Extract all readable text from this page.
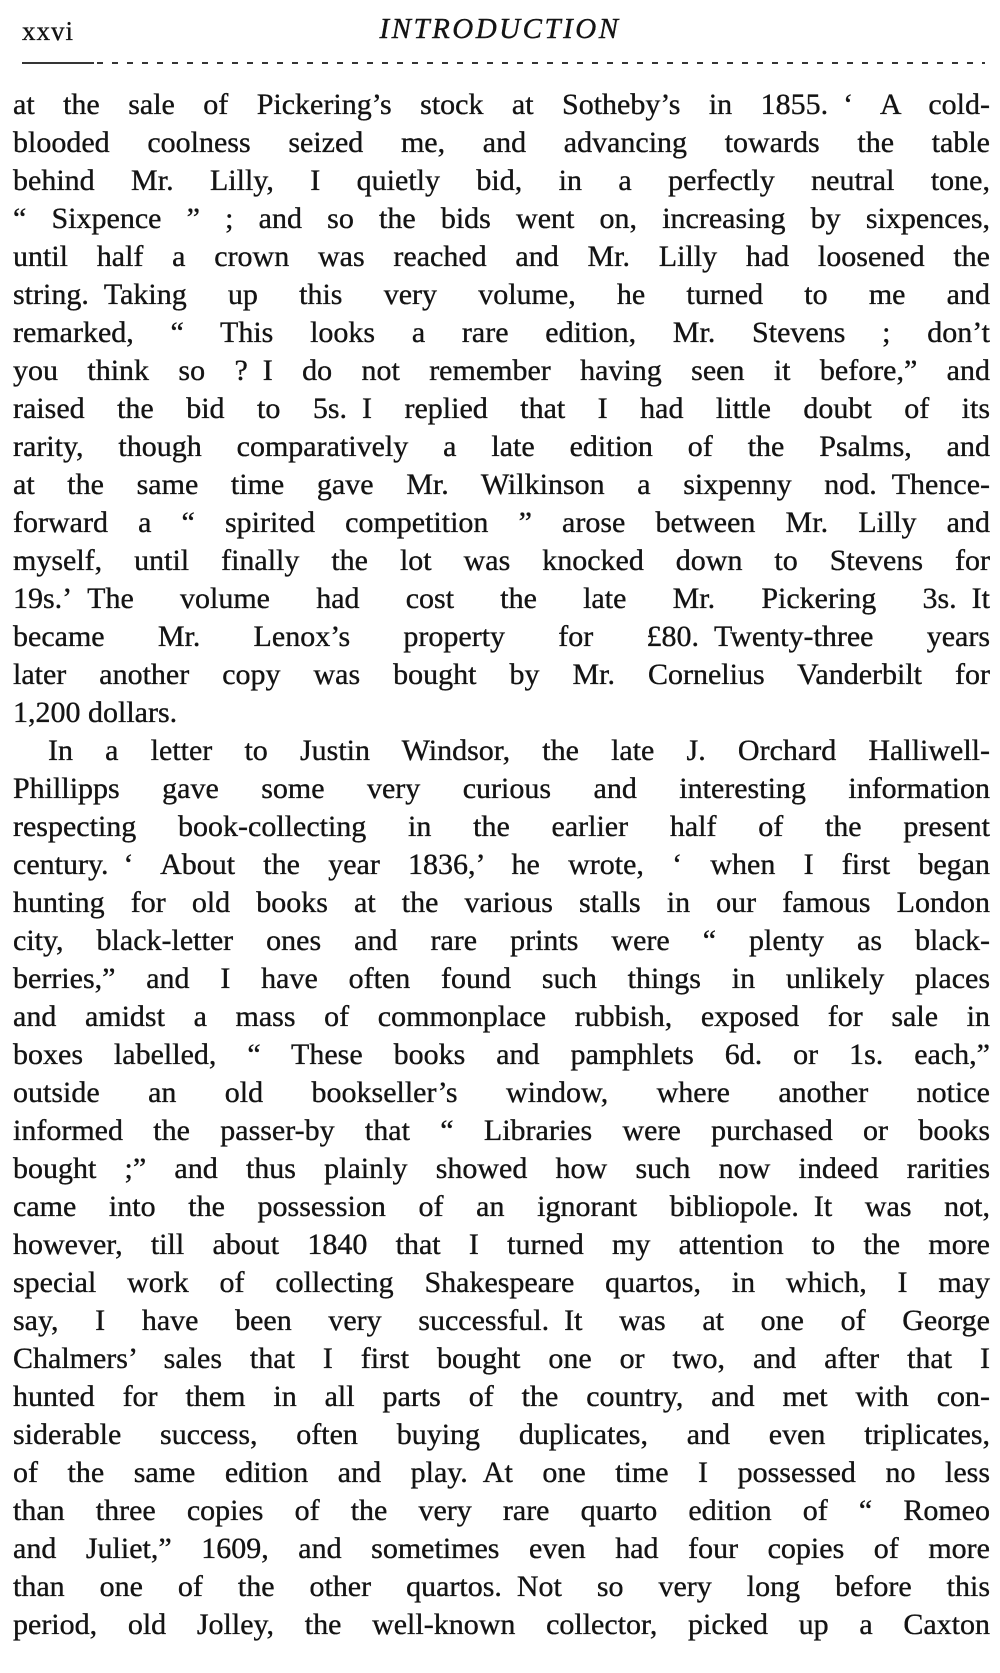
xxvi	INTRODUCTION
at the sale of Pickering’s stock at Sotheby’s in 1855. ‘ A cold-
blooded coolness seized me, and advancing towards the table
behind Mr. Lilly, I quietly bid, in a perfectly neutral tone,
“ Sixpence ” ; and so the bids went on, increasing by sixpences,
until half a crown was reached and Mr. Lilly had loosened the
string. Taking up this very volume, he turned to me and
remarked, “ This looks a rare edition, Mr. Stevens ; don’t
you think so ? I do not remember having seen it before,” and
raised the bid to 5s. I replied that I had little doubt of its
rarity, though comparatively a late edition of the Psalms, and
at the same time gave Mr. Wilkinson a sixpenny nod. Thence-
forward a “ spirited competition ” arose between Mr. Lilly and
myself, until finally the lot was knocked down to Stevens for
19s.’ The volume had cost the late Mr. Pickering 3s. It
became Mr. Lenox’s property for £80. Twenty-three years
later another copy was bought by Mr. Cornelius Vanderbilt for
1,200 dollars.
In a letter to Justin Windsor, the late J. Orchard Halliwell-
Phillipps gave some very curious and interesting information
respecting book-collecting in the earlier half of the present
century. ‘ About the year 1836,’ he wrote, ‘ when I first began
hunting for old books at the various stalls in our famous London
city, black-letter ones and rare prints were “ plenty as black-
berries,” and I have often found such things in unlikely places
and amidst a mass of commonplace rubbish, exposed for sale in
boxes labelled, “ These books and pamphlets 6d. or 1s. each,”
outside an old bookseller’s window, where another notice
informed the passer-by that “ Libraries were purchased or books
bought ;” and thus plainly showed how such now indeed rarities
came into the possession of an ignorant bibliopole. It was not,
however, till about 1840 that I turned my attention to the more
special work of collecting Shakespeare quartos, in which, I may
say, I have been very successful. It was at one of George
Chalmers’ sales that I first bought one or two, and after that I
hunted for them in all parts of the country, and met with con-
siderable success, often buying duplicates, and even triplicates,
of the same edition and play. At one time I possessed no less
than three copies of the very rare quarto edition of “ Romeo
and Juliet,” 1609, and sometimes even had four copies of more
than one of the other quartos. Not so very long before this
period, old Jolley, the well-known collector, picked up a Caxton
